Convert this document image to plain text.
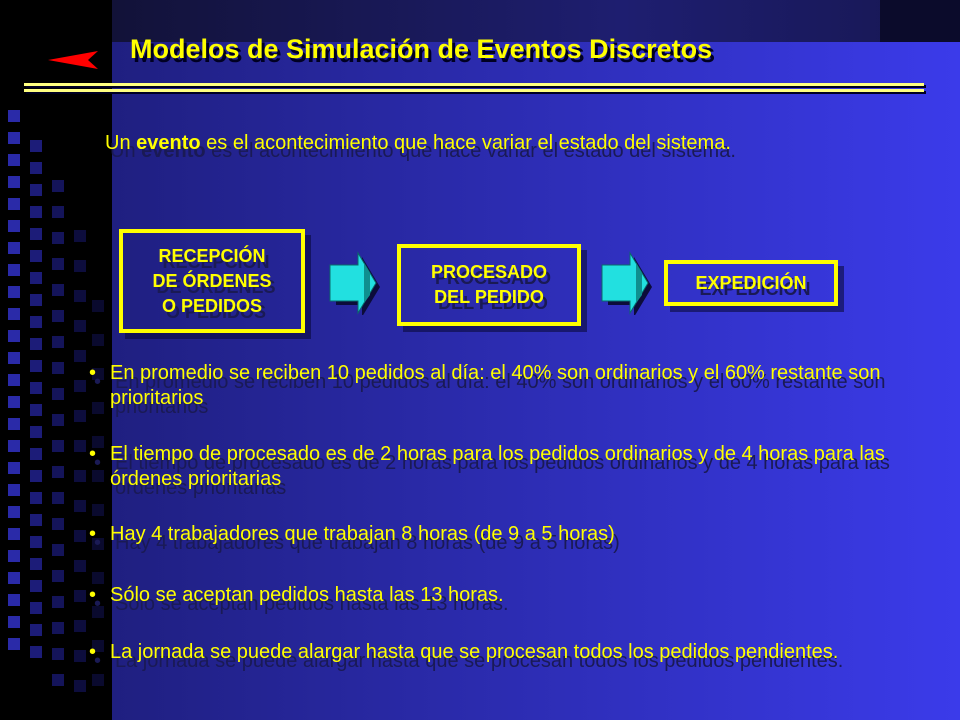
Modelos de Simulación de Eventos Discretos
Un evento es el acontecimiento que hace variar el estado del sistema.
RECEPCIÓN
DE ÓRDENES
O PEDIDOS
PROCESADO
DEL PEDIDO
EXPEDICIÓN
• En promedio se reciben 10 pedidos al día: el 40% son ordinarios y el 60% restante son prioritarios
• El tiempo de procesado es de 2 horas para los pedidos ordinarios y de 4 horas para las órdenes prioritarias
• Hay 4 trabajadores que trabajan 8 horas (de 9 a 5 horas)
• Sólo se aceptan pedidos hasta las 13 horas.
• La jornada se puede alargar hasta que se procesan todos los pedidos pendientes.
